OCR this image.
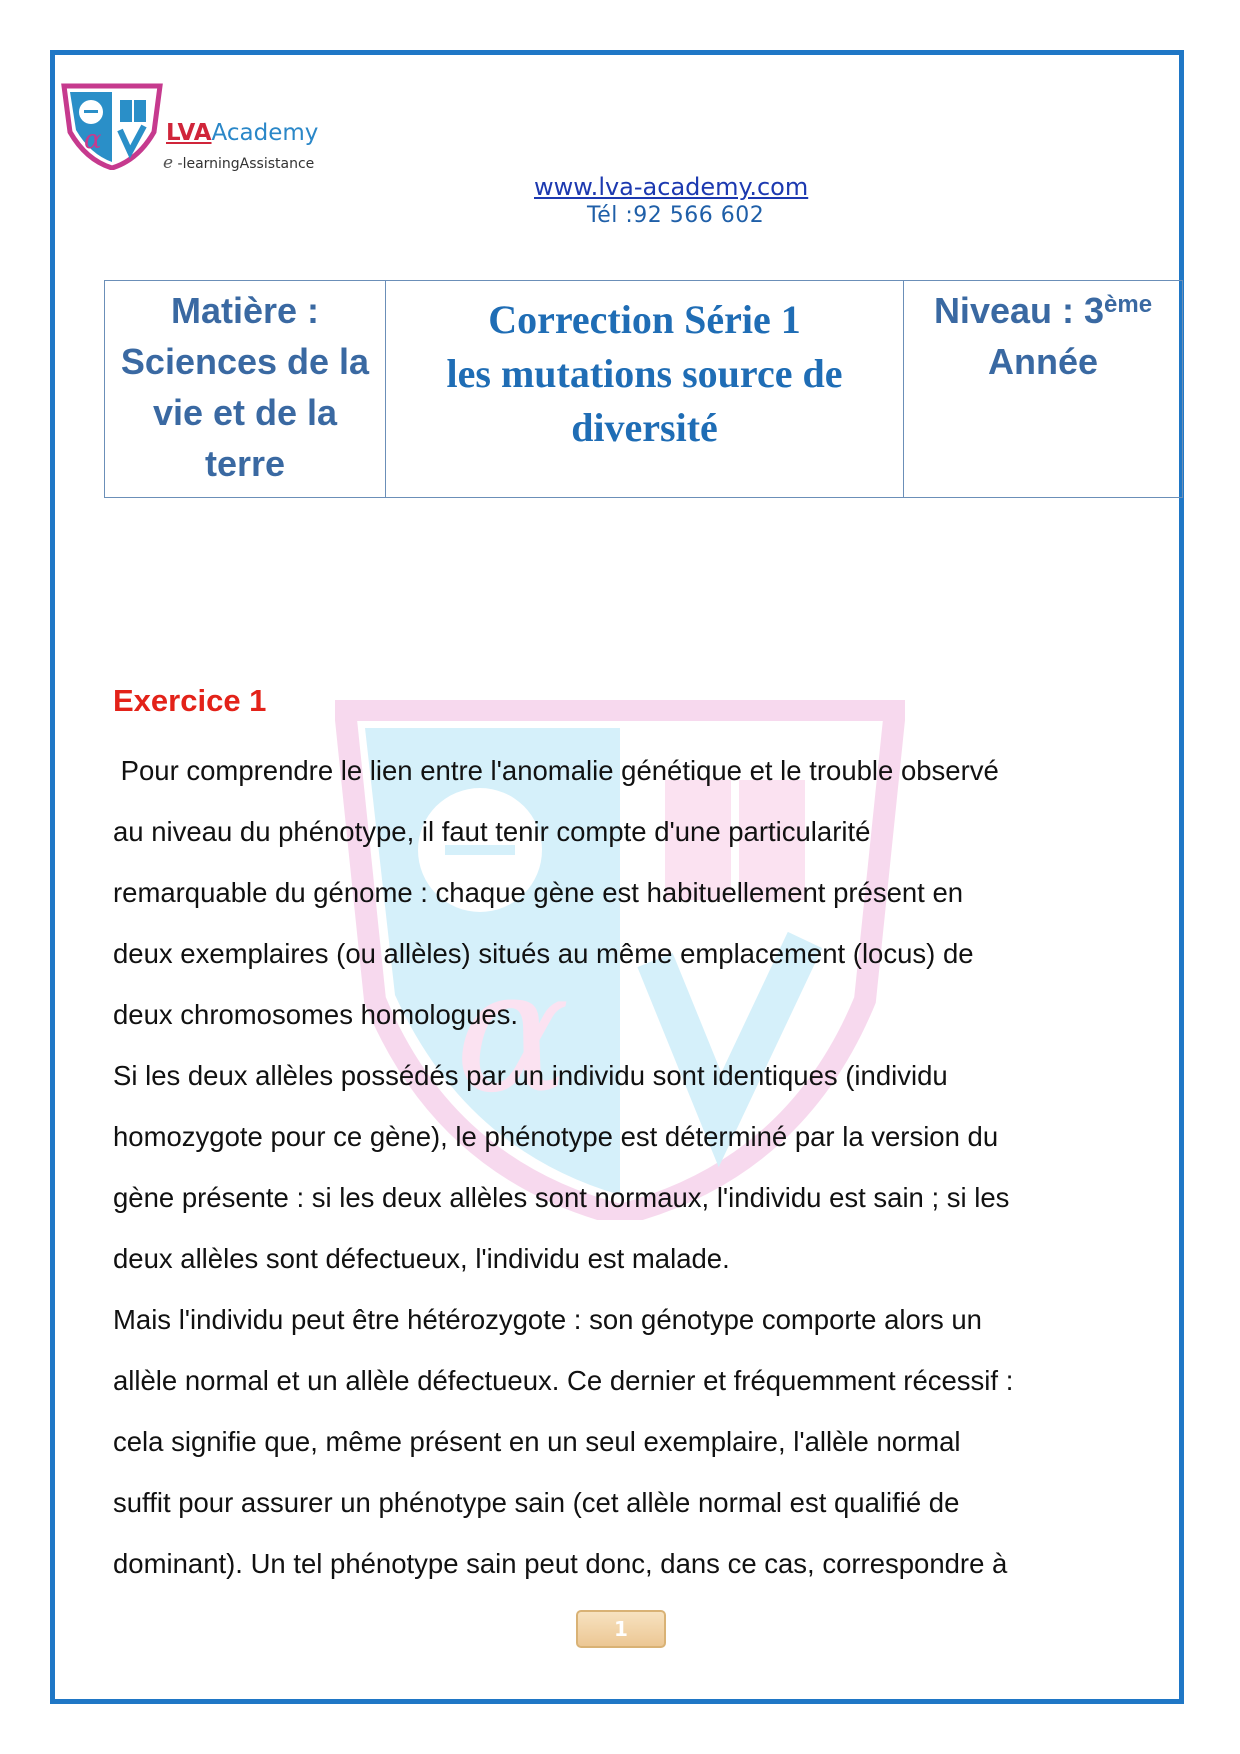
α	LVAAcademy
e -learningAssistance
www.lva-academy.com
Tél :92 566 602
Matière :
Sciences de la
vie et de la
terre

Correction Série 1
les mutations source de
diversité

Niveau : 3ème
Année
α
Exercice 1

Pour comprendre le lien entre l'anomalie génétique et le trouble observé

au niveau du phénotype, il faut tenir compte d'une particularité

remarquable du génome : chaque gène est habituellement présent en

deux exemplaires (ou allèles) situés au même emplacement (locus) de

deux chromosomes homologues.

Si les deux allèles possédés par un individu sont identiques (individu

homozygote pour ce gène), le phénotype est déterminé par la version du

gène présente : si les deux allèles sont normaux, l'individu est sain ; si les

deux allèles sont défectueux, l'individu est malade.

Mais l'individu peut être hétérozygote : son génotype comporte alors un

allèle normal et un allèle défectueux. Ce dernier et fréquemment récessif :

cela signifie que, même présent en un seul exemplaire, l'allèle normal

suffit pour assurer un phénotype sain (cet allèle normal est qualifié de

dominant). Un tel phénotype sain peut donc, dans ce cas, correspondre à

1
